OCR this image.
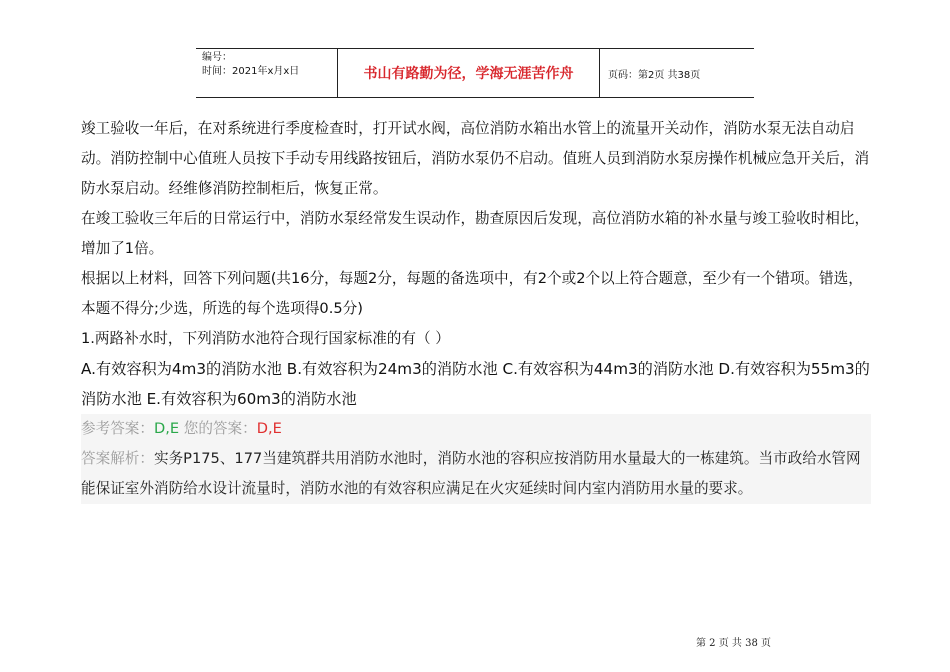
编号：
时间：2021年x月x日	书山有路勤为径，学海无涯苦作舟	页码：第2页 共38页

竣工验收一年后，在对系统进行季度检查时，打开试水阀，高位消防水箱出水管上的流量开关动作，消防水泵无法自动启动。消防控制中心值班人员按下手动专用线路按钮后，消防水泵仍不启动。值班人员到消防水泵房操作机械应急开关后，消防水泵启动。经维修消防控制柜后，恢复正常。

在竣工验收三年后的日常运行中，消防水泵经常发生误动作，勘查原因后发现，高位消防水箱的补水量与竣工验收时相比，增加了1倍。

根据以上材料，回答下列问题(共16分，每题2分，每题的备选项中，有2个或2个以上符合题意，至少有一个错项。错选，本题不得分;少选，所选的每个选项得0.5分)

1.两路补水时，下列消防水池符合现行国家标准的有（ ）

A.有效容积为4m3的消防水池 B.有效容积为24m3的消防水池 C.有效容积为44m3的消防水池 D.有效容积为55m3的消防水池 E.有效容积为60m3的消防水池

参考答案：D,E 您的答案：D,E

答案解析：实务P175、177当建筑群共用消防水池时，消防水池的容积应按消防用水量最大的一栋建筑。当市政给水管网能保证室外消防给水设计流量时，消防水池的有效容积应满足在火灾延续时间内室内消防用水量的要求。

第 2 页 共 38 页
